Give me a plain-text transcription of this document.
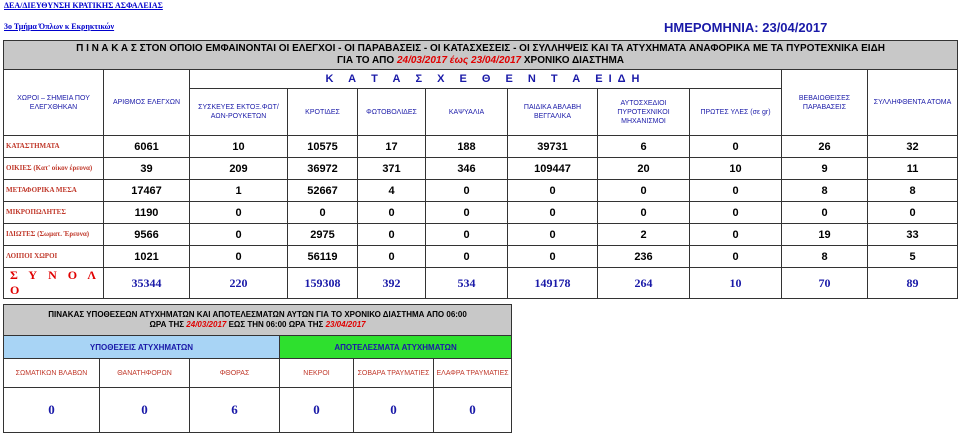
ΔΕΑ/ΔΙΕΥΘΥΝΣΗ ΚΡΑΤΙΚΗΣ ΑΣΦΑΛΕΙΑΣ
3ο Τμήμα Όπλων κ Εκρηκτικών	ΗΜΕΡΟΜΗΝΙΑ: 23/04/2017
Π Ι Ν Α Κ Α Σ ΣΤΟΝ ΟΠΟΙΟ ΕΜΦΑΙΝΟΝΤΑΙ ΟΙ ΕΛΕΓΧΟΙ - ΟΙ ΠΑΡΑΒΑΣΕΙΣ - ΟΙ ΚΑΤΑΣΧΕΣΕΙΣ - ΟΙ ΣΥΛΛΗΨΕΙΣ ΚΑΙ ΤΑ ΑΤΥΧΗΜΑΤΑ ΑΝΑΦΟΡΙΚΑ ΜΕ ΤΑ ΠΥΡΟΤΕΧΝΙΚΑ ΕΙΔΗ
ΓΙΑ ΤΟ ΑΠΟ 24/03/2017 έως 23/04/2017 ΧΡΟΝΙΚΟ ΔΙΑΣΤΗΜΑ										
ΧΩΡΟΙ – ΣΗΜΕΙΑ ΠΟΥ ΕΛΕΓΧΘΗΚΑΝ	ΑΡΙΘΜΟΣ ΕΛΕΓΧΩΝ	Κ Α Τ Α Σ Χ Ε Θ Ε Ν Τ Α ΕΙΔΗ							ΒΕΒΑΙΩΘΕΙΣΕΣ ΠΑΡΑΒΑΣΕΙΣ	ΣΥΛΛΗΦΘΕΝΤΑ ΑΤΟΜΑ
		ΣΥΣΚΕΥΕΣ ΕΚΤΟΞ.ΦΩΤ/ΑΩΝ-ΡΟΥΚΕΤΩΝ	ΚΡΟΤΙΔΕΣ	ΦΩΤΟΒΟΛΙΔΕΣ	ΚΑΨΥΑΛΙΑ	ΠΑΙΔΙΚΑ ΑΒΛΑΒΗ ΒΕΓΓΑΛΙΚΑ	ΑΥΤΟΣΧΕΔΙΟΙ ΠΥΡΟΤΕΧΝΙΚΟΙ ΜΗΧΑΝΙΣΜΟΙ	ΠΡΩΤΕΣ ΥΛΕΣ (σε gr)		
ΚΑΤΑΣΤΗΜΑΤΑ	6061	10	10575	17	188	39731	6	0	26	32
ΟΙΚΙΕΣ (Κατ' οίκον έρευνα)	39	209	36972	371	346	109447	20	10	9	11
ΜΕΤΑΦΟΡΙΚΑ ΜΕΣΑ	17467	1	52667	4	0	0	0	0	8	8
ΜΙΚΡΟΠΩΛΗΤΕΣ	1190	0	0	0	0	0	0	0	0	0
ΙΔΙΩΤΕΣ (Σωματ. Έρευνα)	9566	0	2975	0	0	0	2	0	19	33
ΛΟΙΠΟΙ ΧΩΡΟΙ	1021	0	56119	0	0	0	236	0	8	5
Σ Υ Ν Ο Λ Ο	35344	220	159308	392	534	149178	264	10	70	89
ΠΙΝΑΚΑΣ ΥΠΟΘΕΣΕΩΝ ΑΤΥΧΗΜΑΤΩΝ ΚΑΙ ΑΠΟΤΕΛΕΣΜΑΤΩΝ ΑΥΤΩΝ ΓΙΑ ΤΟ ΧΡΟΝΙΚΟ ΔΙΑΣΤΗΜΑ ΑΠΟ 06:00
ΩΡΑ ΤΗΣ 24/03/2017 ΕΩΣ ΤΗΝ 06:00 ΩΡΑ ΤΗΣ 23/04/2017					
ΥΠΟΘΕΣΕΙΣ ΑΤΥΧΗΜΑΤΩΝ			ΑΠΟΤΕΛΕΣΜΑΤΑ ΑΤΥΧΗΜΑΤΩΝ		
ΣΩΜΑΤΙΚΩΝ ΒΛΑΒΩΝ	ΘΑΝΑΤΗΦΟΡΩΝ	ΦΘΟΡΑΣ	ΝΕΚΡΟΙ	ΣΟΒΑΡΑ ΤΡΑΥΜΑΤΙΕΣ	ΕΛΑΦΡΑ ΤΡΑΥΜΑΤΙΕΣ
0	0	6	0	0	0
